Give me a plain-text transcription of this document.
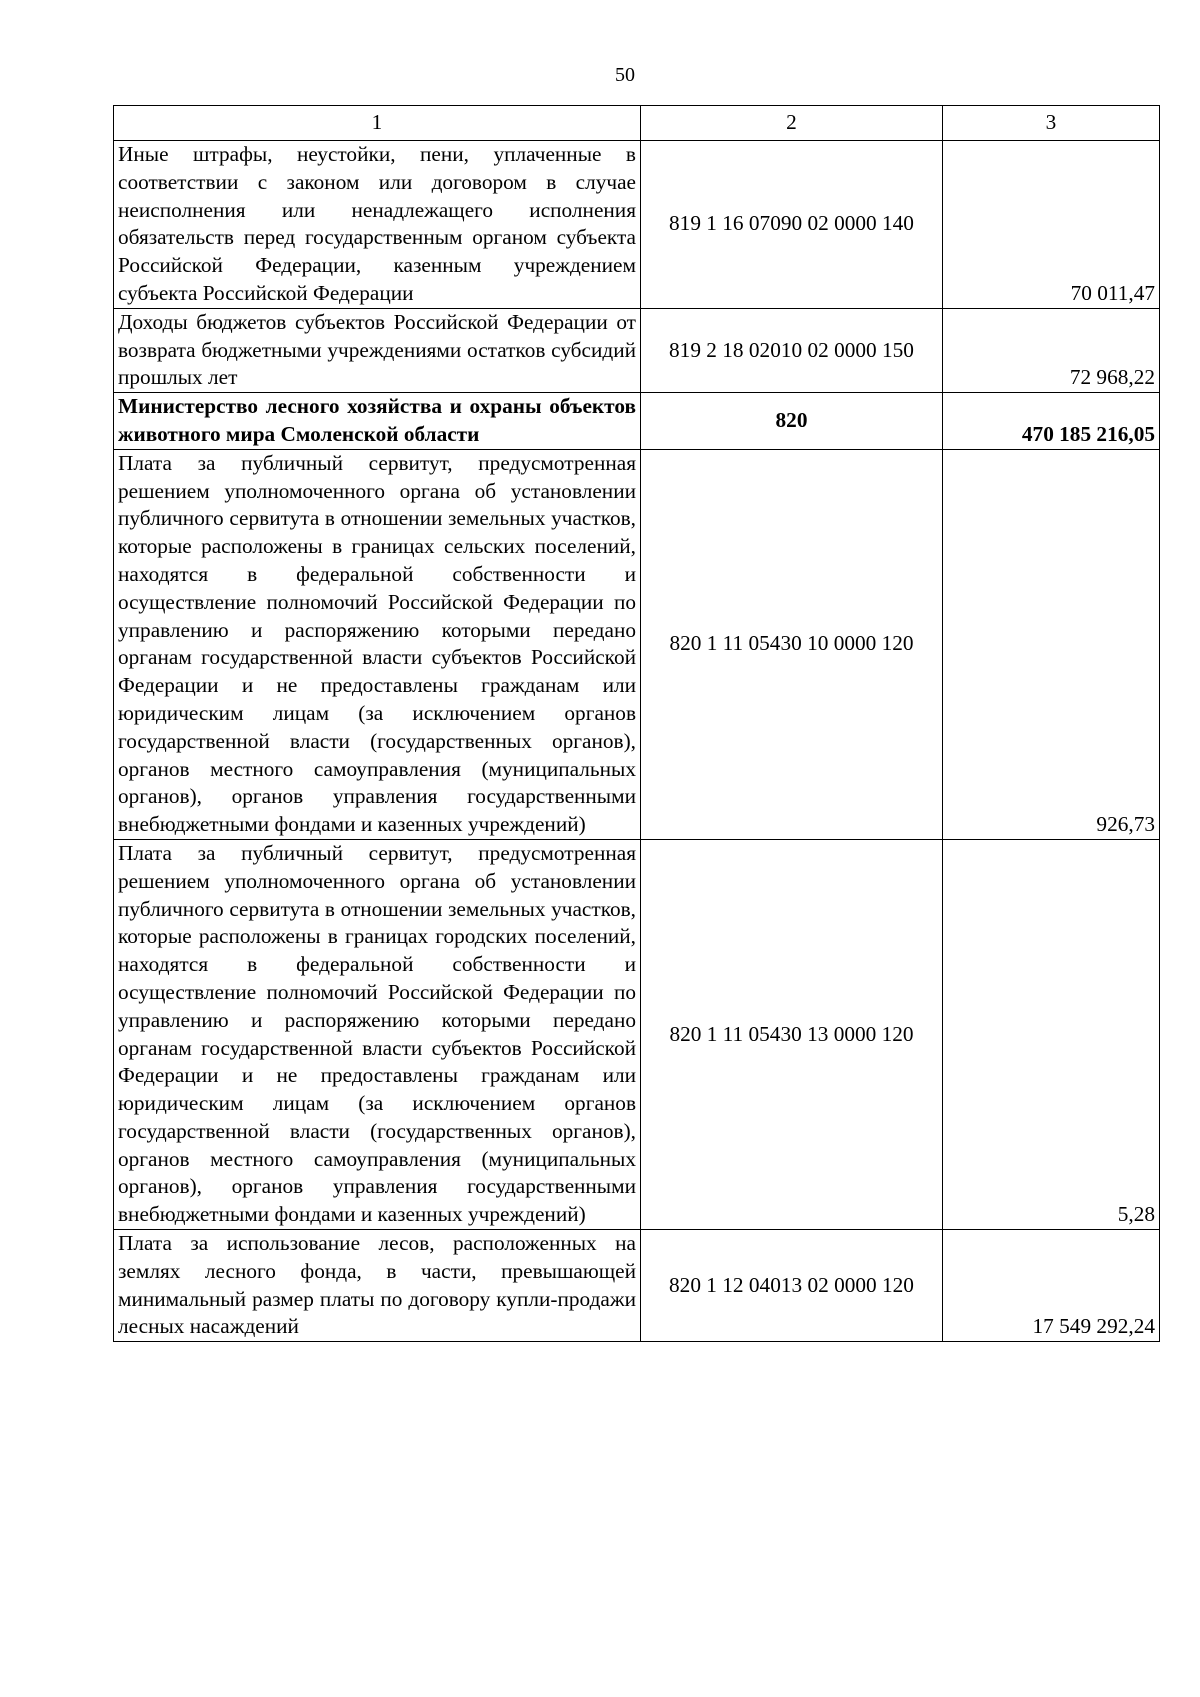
50
1	2	3
Иные штрафы, неустойки, пени, уплаченные в соответствии с законом или договором в случае неисполнения или ненадлежащего исполнения обязательств перед государственным органом субъекта Российской Федерации, казенным учреждением субъекта Российской Федерации	819 1 16 07090 02 0000 140	70 011,47
Доходы бюджетов субъектов Российской Федерации от возврата бюджетными учреждениями остатков субсидий прошлых лет	819 2 18 02010 02 0000 150	72 968,22
Министерство лесного хозяйства и охраны объектов животного мира Смоленской области	820	470 185 216,05
Плата за публичный сервитут, предусмотренная решением уполномоченного органа об установлении публичного сервитута в отношении земельных участков, которые расположены в границах сельских поселений, находятся в федеральной собственности и осуществление полномочий Российской Федерации по управлению и распоряжению которыми передано органам государственной власти субъектов Российской Федерации и не предоставлены гражданам или юридическим лицам (за исключением органов государственной власти (государственных органов), органов местного самоуправления (муниципальных органов), органов управления государственными внебюджетными фондами и казенных учреждений)	820 1 11 05430 10 0000 120	926,73
Плата за публичный сервитут, предусмотренная решением уполномоченного органа об установлении публичного сервитута в отношении земельных участков, которые расположены в границах городских поселений, находятся в федеральной собственности и осуществление полномочий Российской Федерации по управлению и распоряжению которыми передано органам государственной власти субъектов Российской Федерации и не предоставлены гражданам или юридическим лицам (за исключением органов государственной власти (государственных органов), органов местного самоуправления (муниципальных органов), органов управления государственными внебюджетными фондами и казенных учреждений)	820 1 11 05430 13 0000 120	5,28
Плата за использование лесов, расположенных на землях лесного фонда, в части, превышающей минимальный размер платы по договору купли-продажи лесных насаждений	820 1 12 04013 02 0000 120	17 549 292,24
